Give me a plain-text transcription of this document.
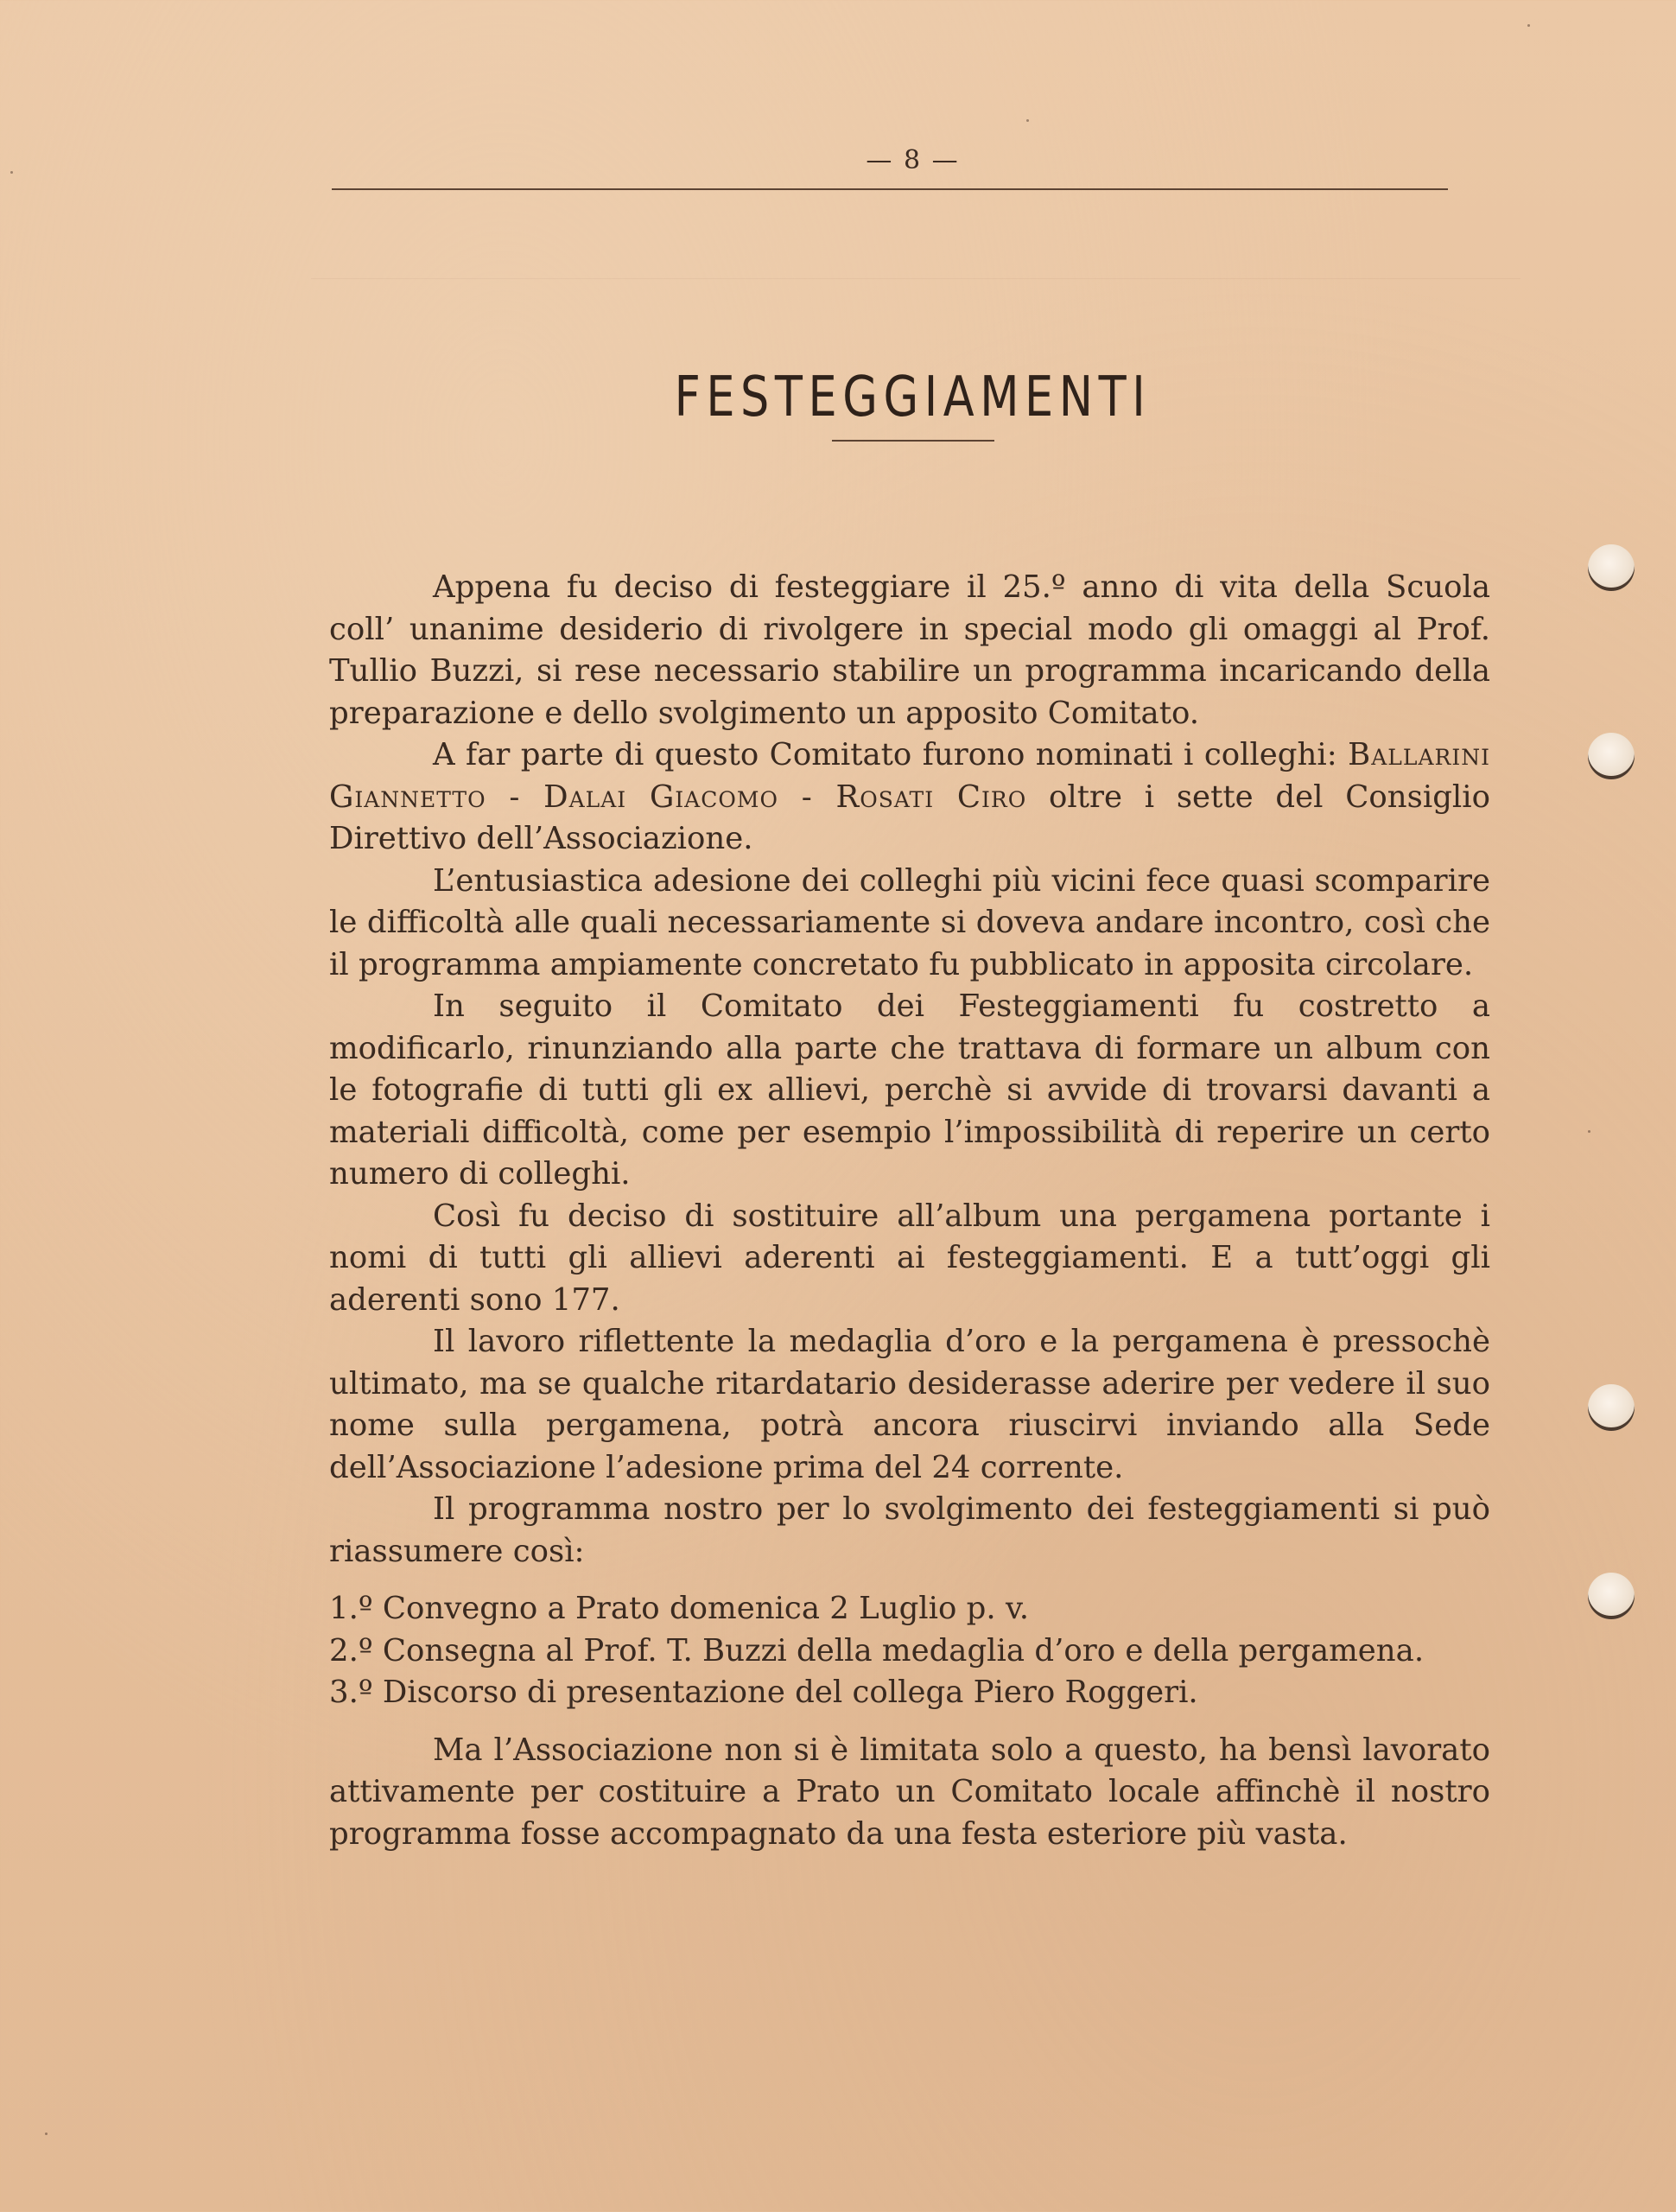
— 8 —
FESTEGGIAMENTI

Appena fu deciso di festeggiare il 25.º anno di vita della Scuola coll’ unanime desiderio di rivolgere in special modo gli omaggi al Prof. Tullio Buzzi, si rese necessario stabilire un programma incaricando della preparazione e dello svolgimento un apposito Comitato.

A far parte di questo Comitato furono nominati i colleghi: Ballarini Giannetto - Dalai Giacomo - Rosati Ciro oltre i sette del Consiglio Direttivo dell’Associazione.

L’entusiastica adesione dei colleghi più vicini fece quasi scomparire le difficoltà alle quali necessariamente si doveva andare incontro, così che il programma ampiamente concretato fu pubblicato in apposita circolare.

In seguito il Comitato dei Festeggiamenti fu costretto a modificarlo, rinunziando alla parte che trattava di formare un album con le fotografie di tutti gli ex allievi, perchè si avvide di trovarsi davanti a materiali difficoltà, come per esempio l’impossibilità di reperire un certo numero di colleghi.

Così fu deciso di sostituire all’album una pergamena portante i nomi di tutti gli allievi aderenti ai festeggiamenti. E a tutt’oggi gli aderenti sono 177.

Il lavoro riflettente la medaglia d’oro e la pergamena è pressochè ultimato, ma se qualche ritardatario desiderasse aderire per vedere il suo nome sulla pergamena, potrà ancora riuscirvi inviando alla Sede dell’Associazione l’adesione prima del 24 corrente.

Il programma nostro per lo svolgimento dei festeggiamenti si può riassumere così:

1.º Convegno a Prato domenica 2 Luglio p. v.
2.º Consegna al Prof. T. Buzzi della medaglia d’oro e della pergamena.
3.º Discorso di presentazione del collega Piero Roggeri.

Ma l’Associazione non si è limitata solo a questo, ha bensì lavorato attivamente per costituire a Prato un Comitato locale affinchè il nostro programma fosse accompagnato da una festa esteriore più vasta.
